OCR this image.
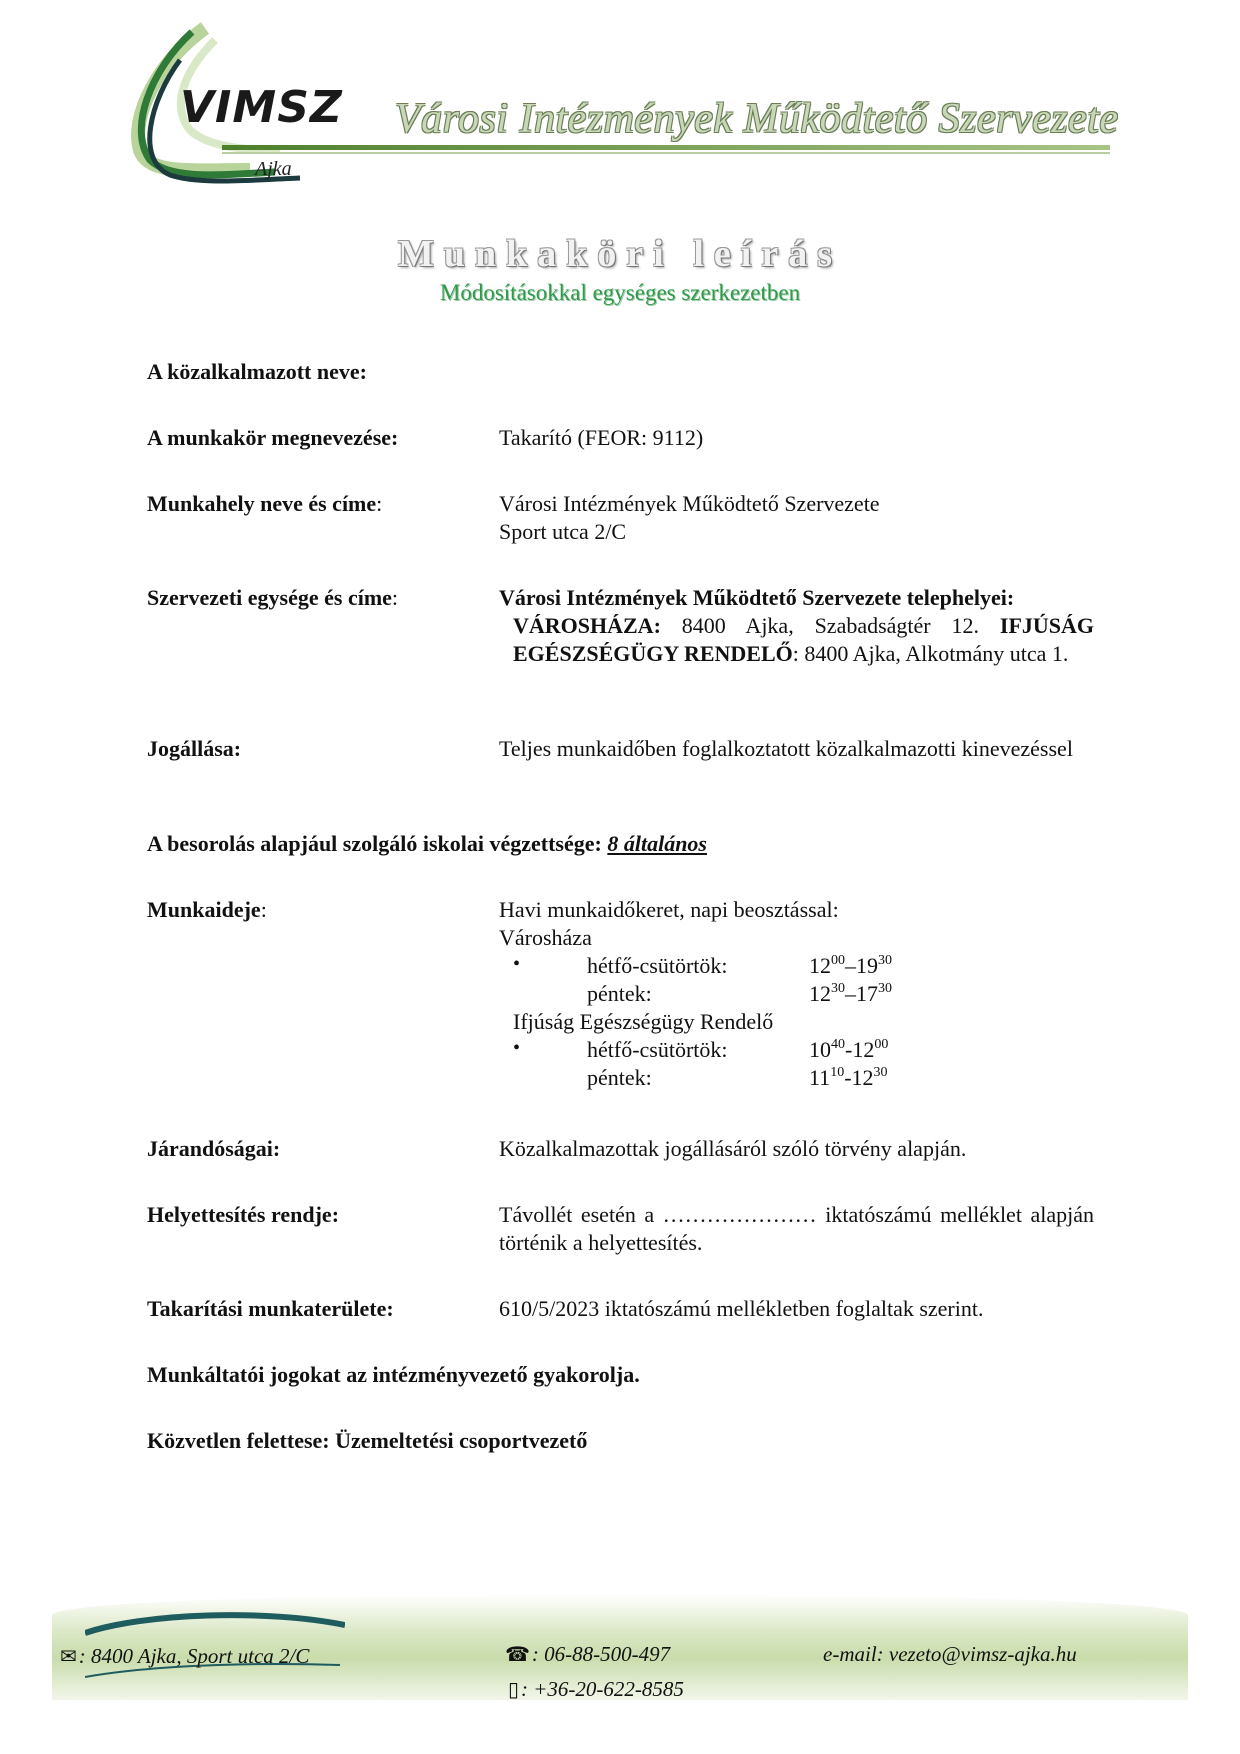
VIMSZ
Ajka
Városi Intézmények Működtető Szervezete
Munkaköri leírás
Módosításokkal egységes szerkezetben
A közalkalmazott neve:
A munkakör megnevezése:	Takarító (FEOR: 9112)
Munkahely neve és címe:	Városi Intézmények Működtető Szervezete
Sport utca 2/C
Szervezeti egysége és címe:	Városi Intézmények Működtető Szervezete telephelyei:
VÁROSHÁZA: 8400 Ajka, Szabadságtér 12. IFJÚSÁG EGÉSZSÉGÜGY RENDELŐ: 8400 Ajka, Alkotmány utca 1.
Jogállása:	Teljes munkaidőben foglalkoztatott közalkalmazotti kinevezéssel
A besorolás alapjául szolgáló iskolai végzettsége: 8 általános
Munkaideje:	Havi munkaidőkeret, napi beosztással:
Városháza
•	hétfő-csütörtök:	$12^{00}-19^{30}$
péntek:	$12^{30}-17^{30}$
Ifjúság Egészségügy Rendelő
•	hétfő-csütörtök:	$10^{40}-12^{00}$
péntek:	$11^{10}-12^{30}$
Járandóságai:	Közalkalmazottak jogállásáról szóló törvény alapján.
Helyettesítés rendje:	Távollét esetén a ………………… iktatószámú melléklet alapján történik a helyettesítés.
Takarítási munkaterülete:	610/5/2023 iktatószámú mellékletben foglaltak szerint.
Munkáltatói jogokat az intézményvezető gyakorolja.
Közvetlen felettese: Üzemeltetési csoportvezető
✉: 8400 Ajka, Sport utca 2/C	☎: 06-88-500-497
▯: +36-20-622-8585
e-mail: vezeto@vimsz-ajka.hu
